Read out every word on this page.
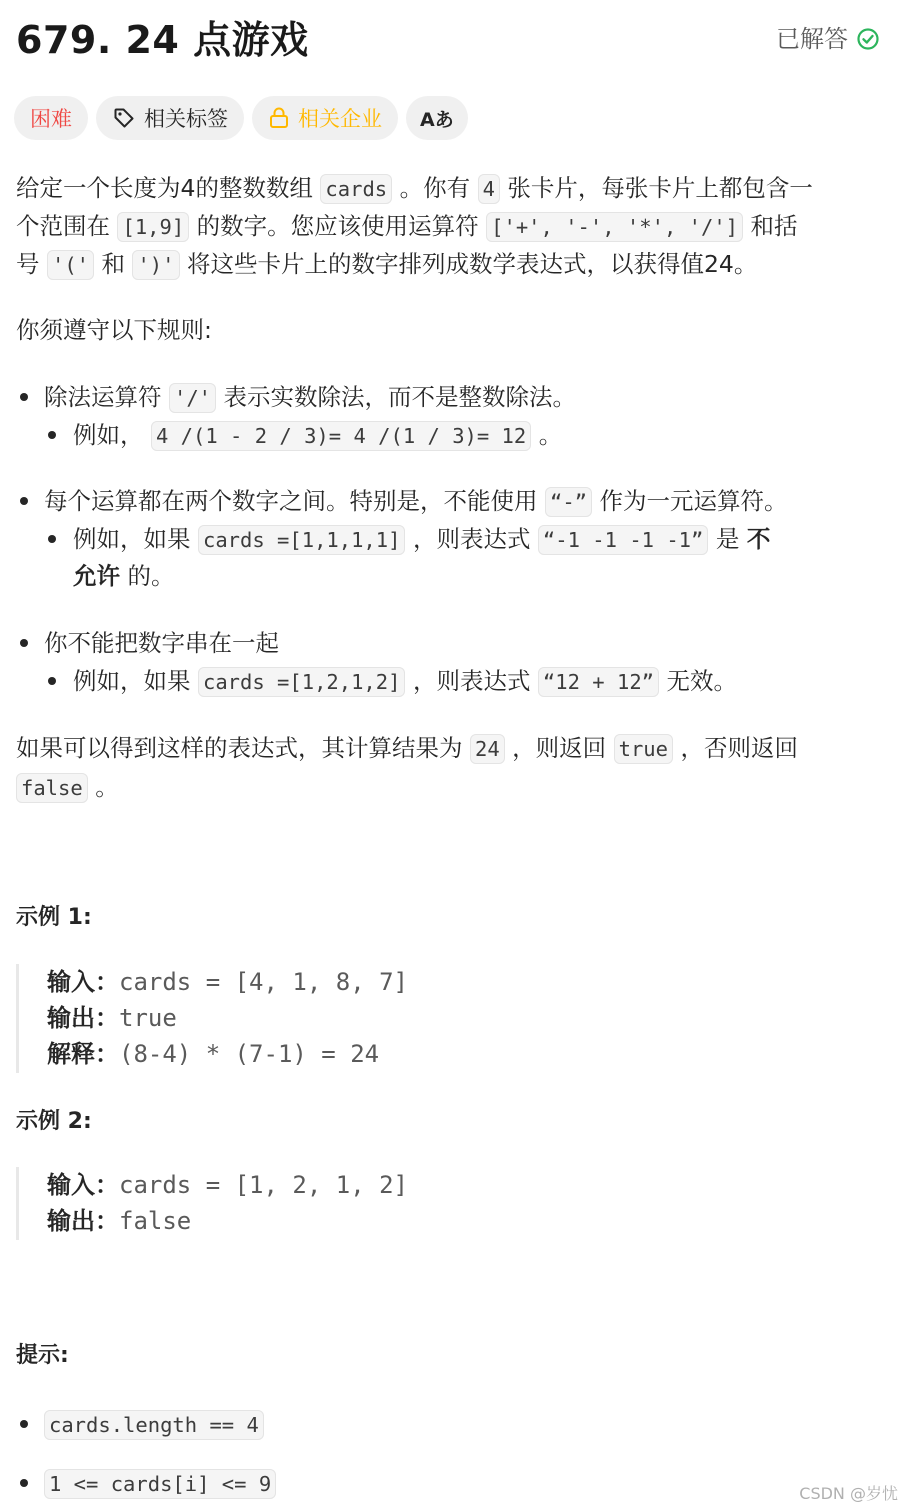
679. 24 点游戏	已解答
困难	相关标签	相关企业 Aあ
给定一个长度为4的整数数组 cards 。你有 4 张卡片，每张卡片上都包含一
个范围在 [1,9] 的数字。您应该使用运算符 ['+', '-', '*', '/'] 和括
号 '(' 和 ')' 将这些卡片上的数字排列成数学表达式，以获得值24。
你须遵守以下规则:
除法运算符 '/' 表示实数除法，而不是整数除法。
例如， 4 /(1 - 2 / 3)= 4 /(1 / 3)= 12 。
每个运算都在两个数字之间。特别是，不能使用 “-” 作为一元运算符。
例如，如果 cards =[1,1,1,1] ，则表达式 “-1 -1 -1 -1” 是 不
允许 的。
你不能把数字串在一起
例如，如果 cards =[1,2,1,2] ，则表达式 “12 + 12” 无效。
如果可以得到这样的表达式，其计算结果为 24 ，则返回 true ，否则返回
false 。
示例 1:
输入：cards = [4, 1, 8, 7]
输出：true
解释：(8-4) * (7-1) = 24
示例 2:
输入：cards = [1, 2, 1, 2]
输出：false
提示:
cards.length == 4
1 <= cards[i] <= 9	CSDN @岁忧
